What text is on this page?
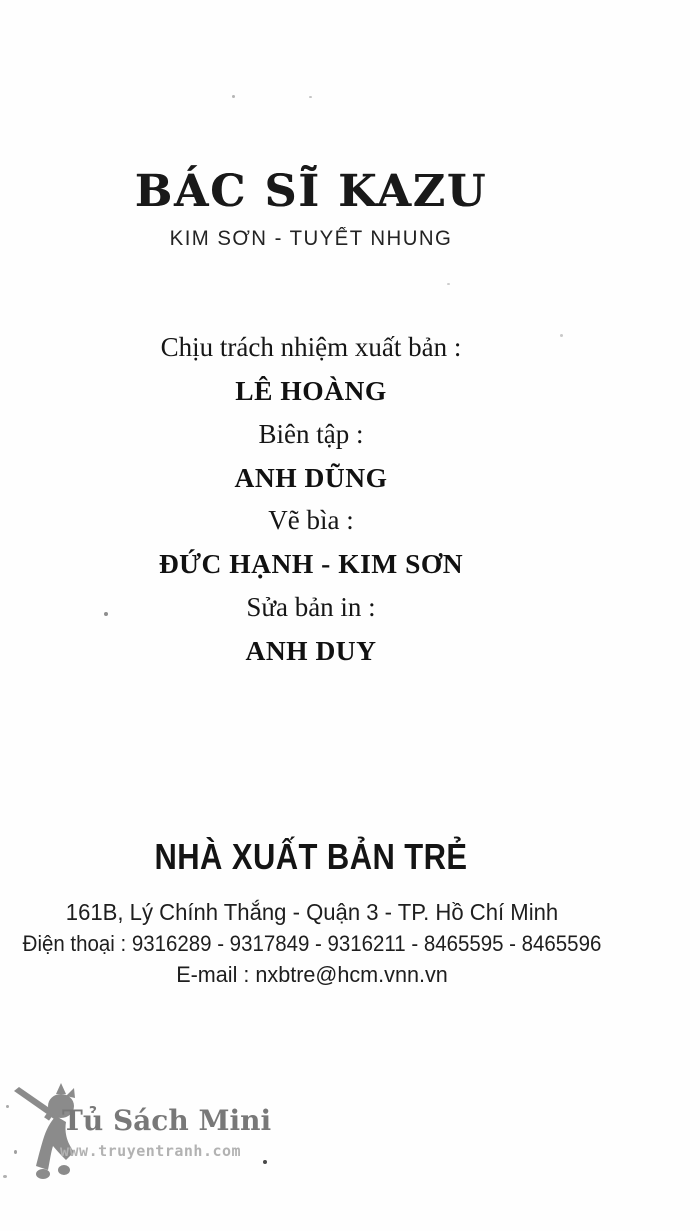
BÁC SĨ KAZU
KIM SƠN - TUYẾT NHUNG
Chịu trách nhiệm xuất bản :
LÊ HOÀNG
Biên tập :
ANH DŨNG
Vẽ bìa :
ĐỨC HẠNH - KIM SƠN
Sửa bản in :
ANH DUY
NHÀ XUẤT BẢN TRẺ
161B, Lý Chính Thắng - Quận 3 - TP. Hồ Chí Minh
Điện thoại : 9316289 - 9317849 - 9316211 - 8465595 - 8465596
E-mail : nxbtre@hcm.vnn.vn
Tủ Sách Mini
www.truyentranh.com
